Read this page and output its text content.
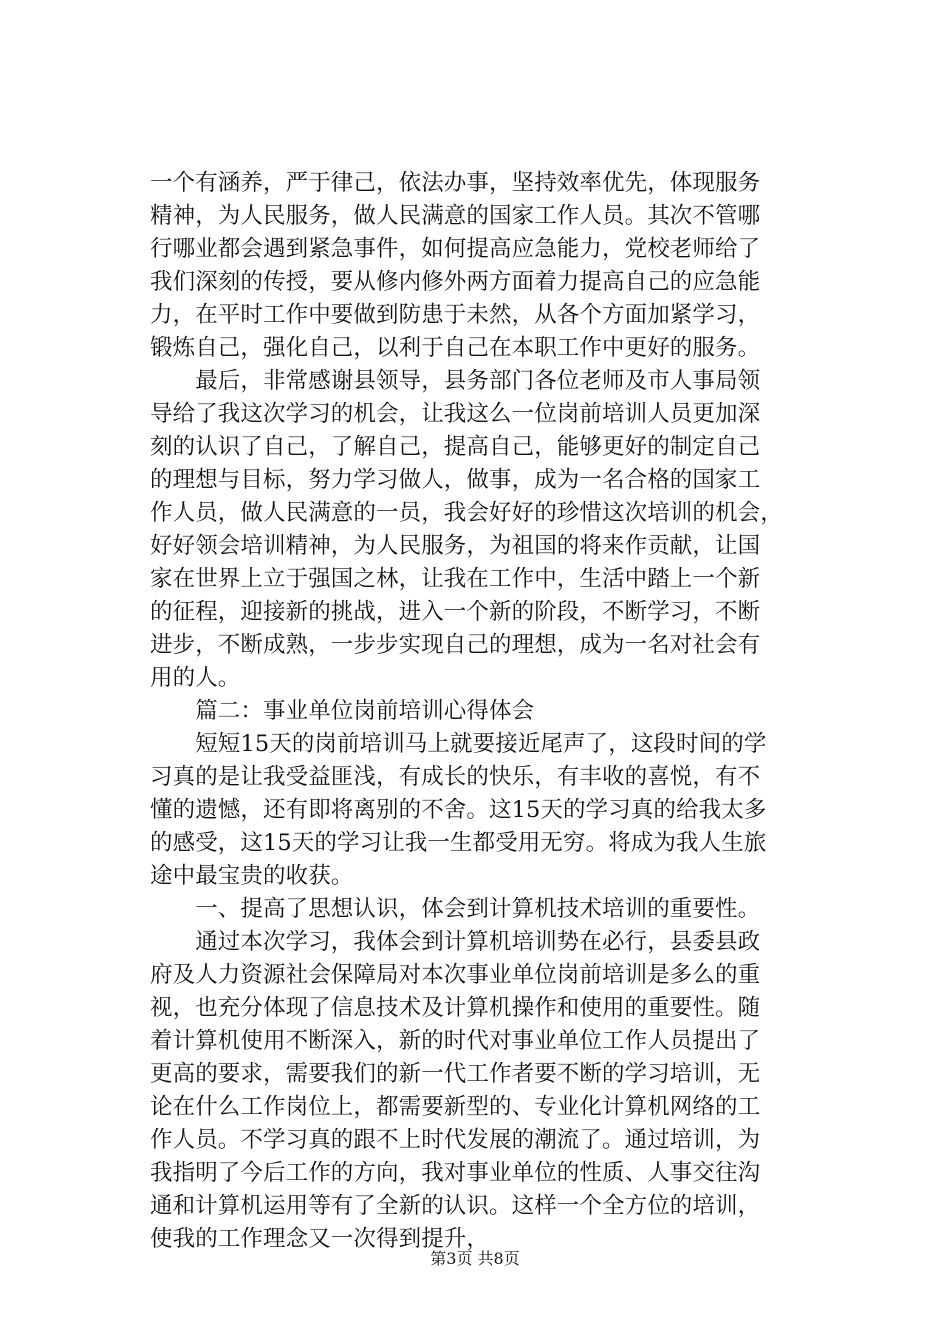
一个有涵养，严于律己，依法办事，坚持效率优先，体现服务
精神，为人民服务，做人民满意的国家工作人员。其次不管哪
行哪业都会遇到紧急事件，如何提高应急能力，党校老师给了
我们深刻的传授，要从修内修外两方面着力提高自己的应急能
力，在平时工作中要做到防患于未然，从各个方面加紧学习，
锻炼自己，强化自己，以利于自己在本职工作中更好的服务。
　　最后，非常感谢县领导，县务部门各位老师及市人事局领
导给了我这次学习的机会，让我这么一位岗前培训人员更加深
刻的认识了自己，了解自己，提高自己，能够更好的制定自己
的理想与目标，努力学习做人，做事，成为一名合格的国家工
作人员，做人民满意的一员，我会好好的珍惜这次培训的机会，
好好领会培训精神，为人民服务，为祖国的将来作贡献，让国
家在世界上立于强国之林，让我在工作中，生活中踏上一个新
的征程，迎接新的挑战，进入一个新的阶段，不断学习，不断
进步，不断成熟，一步步实现自己的理想，成为一名对社会有
用的人。
　　篇二：事业单位岗前培训心得体会
　　短短15天的岗前培训马上就要接近尾声了，这段时间的学
习真的是让我受益匪浅，有成长的快乐，有丰收的喜悦，有不
懂的遗憾，还有即将离别的不舍。这15天的学习真的给我太多
的感受，这15天的学习让我一生都受用无穷。将成为我人生旅
途中最宝贵的收获。
　　一、提高了思想认识，体会到计算机技术培训的重要性。
　　通过本次学习，我体会到计算机培训势在必行，县委县政
府及人力资源社会保障局对本次事业单位岗前培训是多么的重
视，也充分体现了信息技术及计算机操作和使用的重要性。随
着计算机使用不断深入，新的时代对事业单位工作人员提出了
更高的要求，需要我们的新一代工作者要不断的学习培训，无
论在什么工作岗位上，都需要新型的、专业化计算机网络的工
作人员。不学习真的跟不上时代发展的潮流了。通过培训，为
我指明了今后工作的方向，我对事业单位的性质、人事交往沟
通和计算机运用等有了全新的认识。这样一个全方位的培训，
使我的工作理念又一次得到提升，
第3页 共8页
